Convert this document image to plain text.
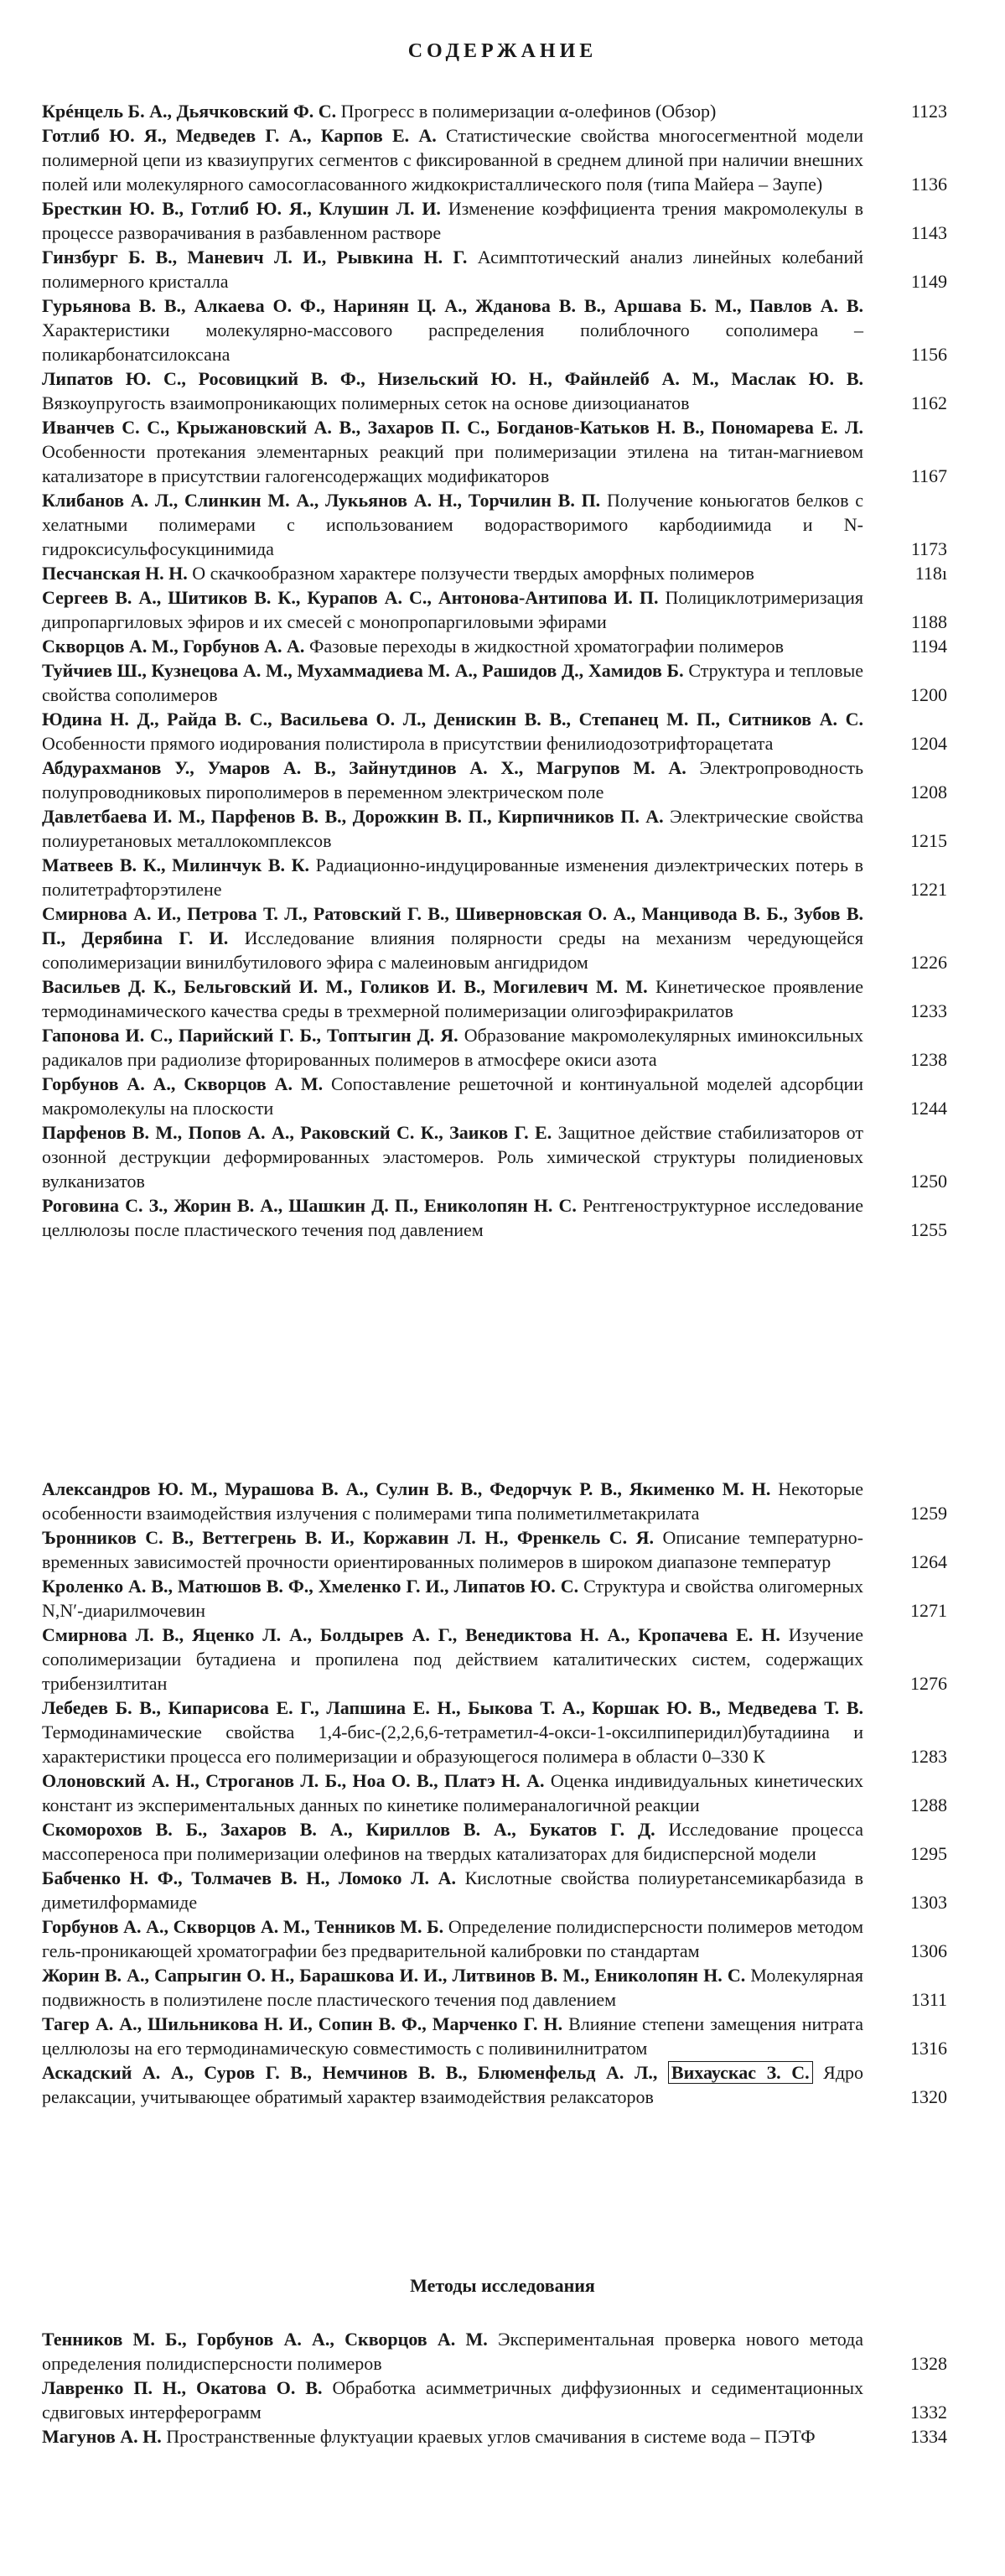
СОДЕРЖАНИЕ

Крéнцель Б. А., Дьячковский Ф. С. Прогресс в полимеризации α-олефинов (Обзор)	1123

Готлиб Ю. Я., Медведев Г. А., Карпов Е. А. Статистические свойства многосегментной модели полимерной цепи из квазиупругих сегментов с фиксированной в среднем длиной при наличии внешних полей или молекулярного самосогласованного жидкокристаллического поля (типа Майера – Заупе)	1136

Бресткин Ю. В., Готлиб Ю. Я., Клушин Л. И. Изменение коэффициента трения макромолекулы в процессе разворачивания в разбавленном растворе	1143

Гинзбург Б. В., Маневич Л. И., Рывкина Н. Г. Асимптотический анализ линейных колебаний полимерного кристалла	1149

Гурьянова В. В., Алкаева О. Ф., Наринян Ц. А., Жданова В. В., Аршава Б. М., Павлов А. В. Характеристики молекулярно-массового распределения полиблочного сополимера – поликарбонатсилоксана	1156

Липатов Ю. С., Росовицкий В. Ф., Низельский Ю. Н., Файнлейб А. М., Маслак Ю. В. Вязкоупругость взаимопроникающих полимерных сеток на основе диизоцианатов	1162

Иванчев С. С., Крыжановский А. В., Захаров П. С., Богданов-Катьков Н. В., Пономарева Е. Л. Особенности протекания элементарных реакций при полимеризации этилена на титан-магниевом катализаторе в присутствии галогенсодержащих модификаторов	1167

Клибанов А. Л., Слинкин М. А., Лукьянов А. Н., Торчилин В. П. Получение коньюгатов белков с хелатными полимерами с использованием водорастворимого карбодиимида и N-гидроксисульфосукцинимида	1173

Песчанская Н. Н. О скачкообразном характере ползучести твердых аморфных полимеров	118ı

Сергеев В. А., Шитиков В. К., Курапов А. С., Антонова-Антипова И. П. Полициклотримеризация дипропаргиловых эфиров и их смесей с монопропаргиловыми эфирами	1188

Скворцов А. М., Горбунов А. А. Фазовые переходы в жидкостной хроматографии полимеров	1194

Туйчиев Ш., Кузнецова А. М., Мухаммадиева М. А., Рашидов Д., Хамидов Б. Структура и тепловые свойства сополимеров	1200

Юдина Н. Д., Райда В. С., Васильева О. Л., Денискин В. В., Степанец М. П., Ситников А. С. Особенности прямого иодирования полистирола в присутствии фенилиодозотрифторацетата	1204

Абдурахманов У., Умаров А. В., Зайнутдинов А. Х., Магрупов М. А. Электропроводность полупроводниковых пирополимеров в переменном электрическом поле	1208

Давлетбаева И. М., Парфенов В. В., Дорожкин В. П., Кирпичников П. А. Электрические свойства полиуретановых металлокомплексов	1215

Матвеев В. К., Милинчук В. К. Радиационно-индуцированные изменения диэлектрических потерь в политетрафторэтилене	1221

Смирнова А. И., Петрова Т. Л., Ратовский Г. В., Шиверновская О. А., Манцивода В. Б., Зубов В. П., Дерябина Г. И. Исследование влияния полярности среды на механизм чередующейся сополимеризации винилбутилового эфира с малеиновым ангидридом	1226

Васильев Д. К., Бельговский И. М., Голиков И. В., Могилевич М. М. Кинетическое проявление термодинамического качества среды в трехмерной полимеризации олигоэфиракрилатов	1233

Гапонова И. С., Парийский Г. Б., Топтыгин Д. Я. Образование макромолекулярных иминоксильных радикалов при радиолизе фторированных полимеров в атмосфере окиси азота	1238

Горбунов А. А., Скворцов А. М. Сопоставление решеточной и континуальной моделей адсорбции макромолекулы на плоскости	1244

Парфенов В. М., Попов А. А., Раковский С. К., Заиков Г. Е. Защитное действие стабилизаторов от озонной деструкции деформированных эластомеров. Роль химической структуры полидиеновых вулканизатов	1250

Роговина С. З., Жорин В. А., Шашкин Д. П., Ениколопян Н. С. Рентгеноструктурное исследование целлюлозы после пластического течения под давлением	1255

Александров Ю. М., Мурашова В. А., Сулин В. В., Федорчук Р. В., Якименко М. Н. Некоторые особенности взаимодействия излучения с полимерами типа полиметилметакрилата	1259

Ъронников С. В., Веттегрень В. И., Коржавин Л. Н., Френкель С. Я. Описание температурно-временных зависимостей прочности ориентированных полимеров в широком диапазоне температур	1264

Кроленко А. В., Матюшов В. Ф., Хмеленко Г. И., Липатов Ю. С. Структура и свойства олигомерных N,N′-диарилмочевин	1271

Смирнова Л. В., Яценко Л. А., Болдырев А. Г., Венедиктова Н. А., Кропачева Е. Н. Изучение сополимеризации бутадиена и пропилена под действием каталитических систем, содержащих трибензилтитан	1276

Лебедев Б. В., Кипарисова Е. Г., Лапшина Е. Н., Быкова Т. А., Коршак Ю. В., Медведева Т. В. Термодинамические свойства 1,4-бис-(2,2,6,6-тетраметил-4-окси-1-оксилпиперидил)бутадиина и характеристики процесса его полимеризации и образующегося полимера в области 0–330 К	1283

Олоновский А. Н., Строганов Л. Б., Ноа О. В., Платэ Н. А. Оценка индивидуальных кинетических констант из экспериментальных данных по кинетике полимераналогичной реакции	1288

Скоморохов В. Б., Захаров В. А., Кириллов В. А., Букатов Г. Д. Исследование процесса массопереноса при полимеризации олефинов на твердых катализаторах для бидисперсной модели	1295

Бабченко Н. Ф., Толмачев В. Н., Ломоко Л. А. Кислотные свойства полиуретансемикарбазида в диметилформамиде	1303

Горбунов А. А., Скворцов А. М., Тенников М. Б. Определение полидисперсности полимеров методом гель-проникающей хроматографии без предварительной калибровки по стандартам	1306

Жорин В. А., Сапрыгин О. Н., Барашкова И. И., Литвинов В. М., Ениколопян Н. С. Молекулярная подвижность в полиэтилене после пластического течения под давлением	1311

Тагер А. А., Шильникова Н. И., Сопин В. Ф., Марченко Г. Н. Влияние степени замещения нитрата целлюлозы на его термодинамическую совместимость с поливинилнитратом	1316

Аскадский А. А., Суров Г. В., Немчинов В. В., Блюменфельд А. Л., Вихаускас З. С. Ядро релаксации, учитывающее обратимый характер взаимодействия релаксаторов	1320

Методы исследования

Тенников М. Б., Горбунов А. А., Скворцов А. М. Экспериментальная проверка нового метода определения полидисперсности полимеров	1328

Лавренко П. Н., Окатова О. В. Обработка асимметричных диффузионных и седиментационных сдвиговых интерферограмм	1332

Магунов А. Н. Пространственные флуктуации краевых углов смачивания в системе вода – ПЭТФ	1334
